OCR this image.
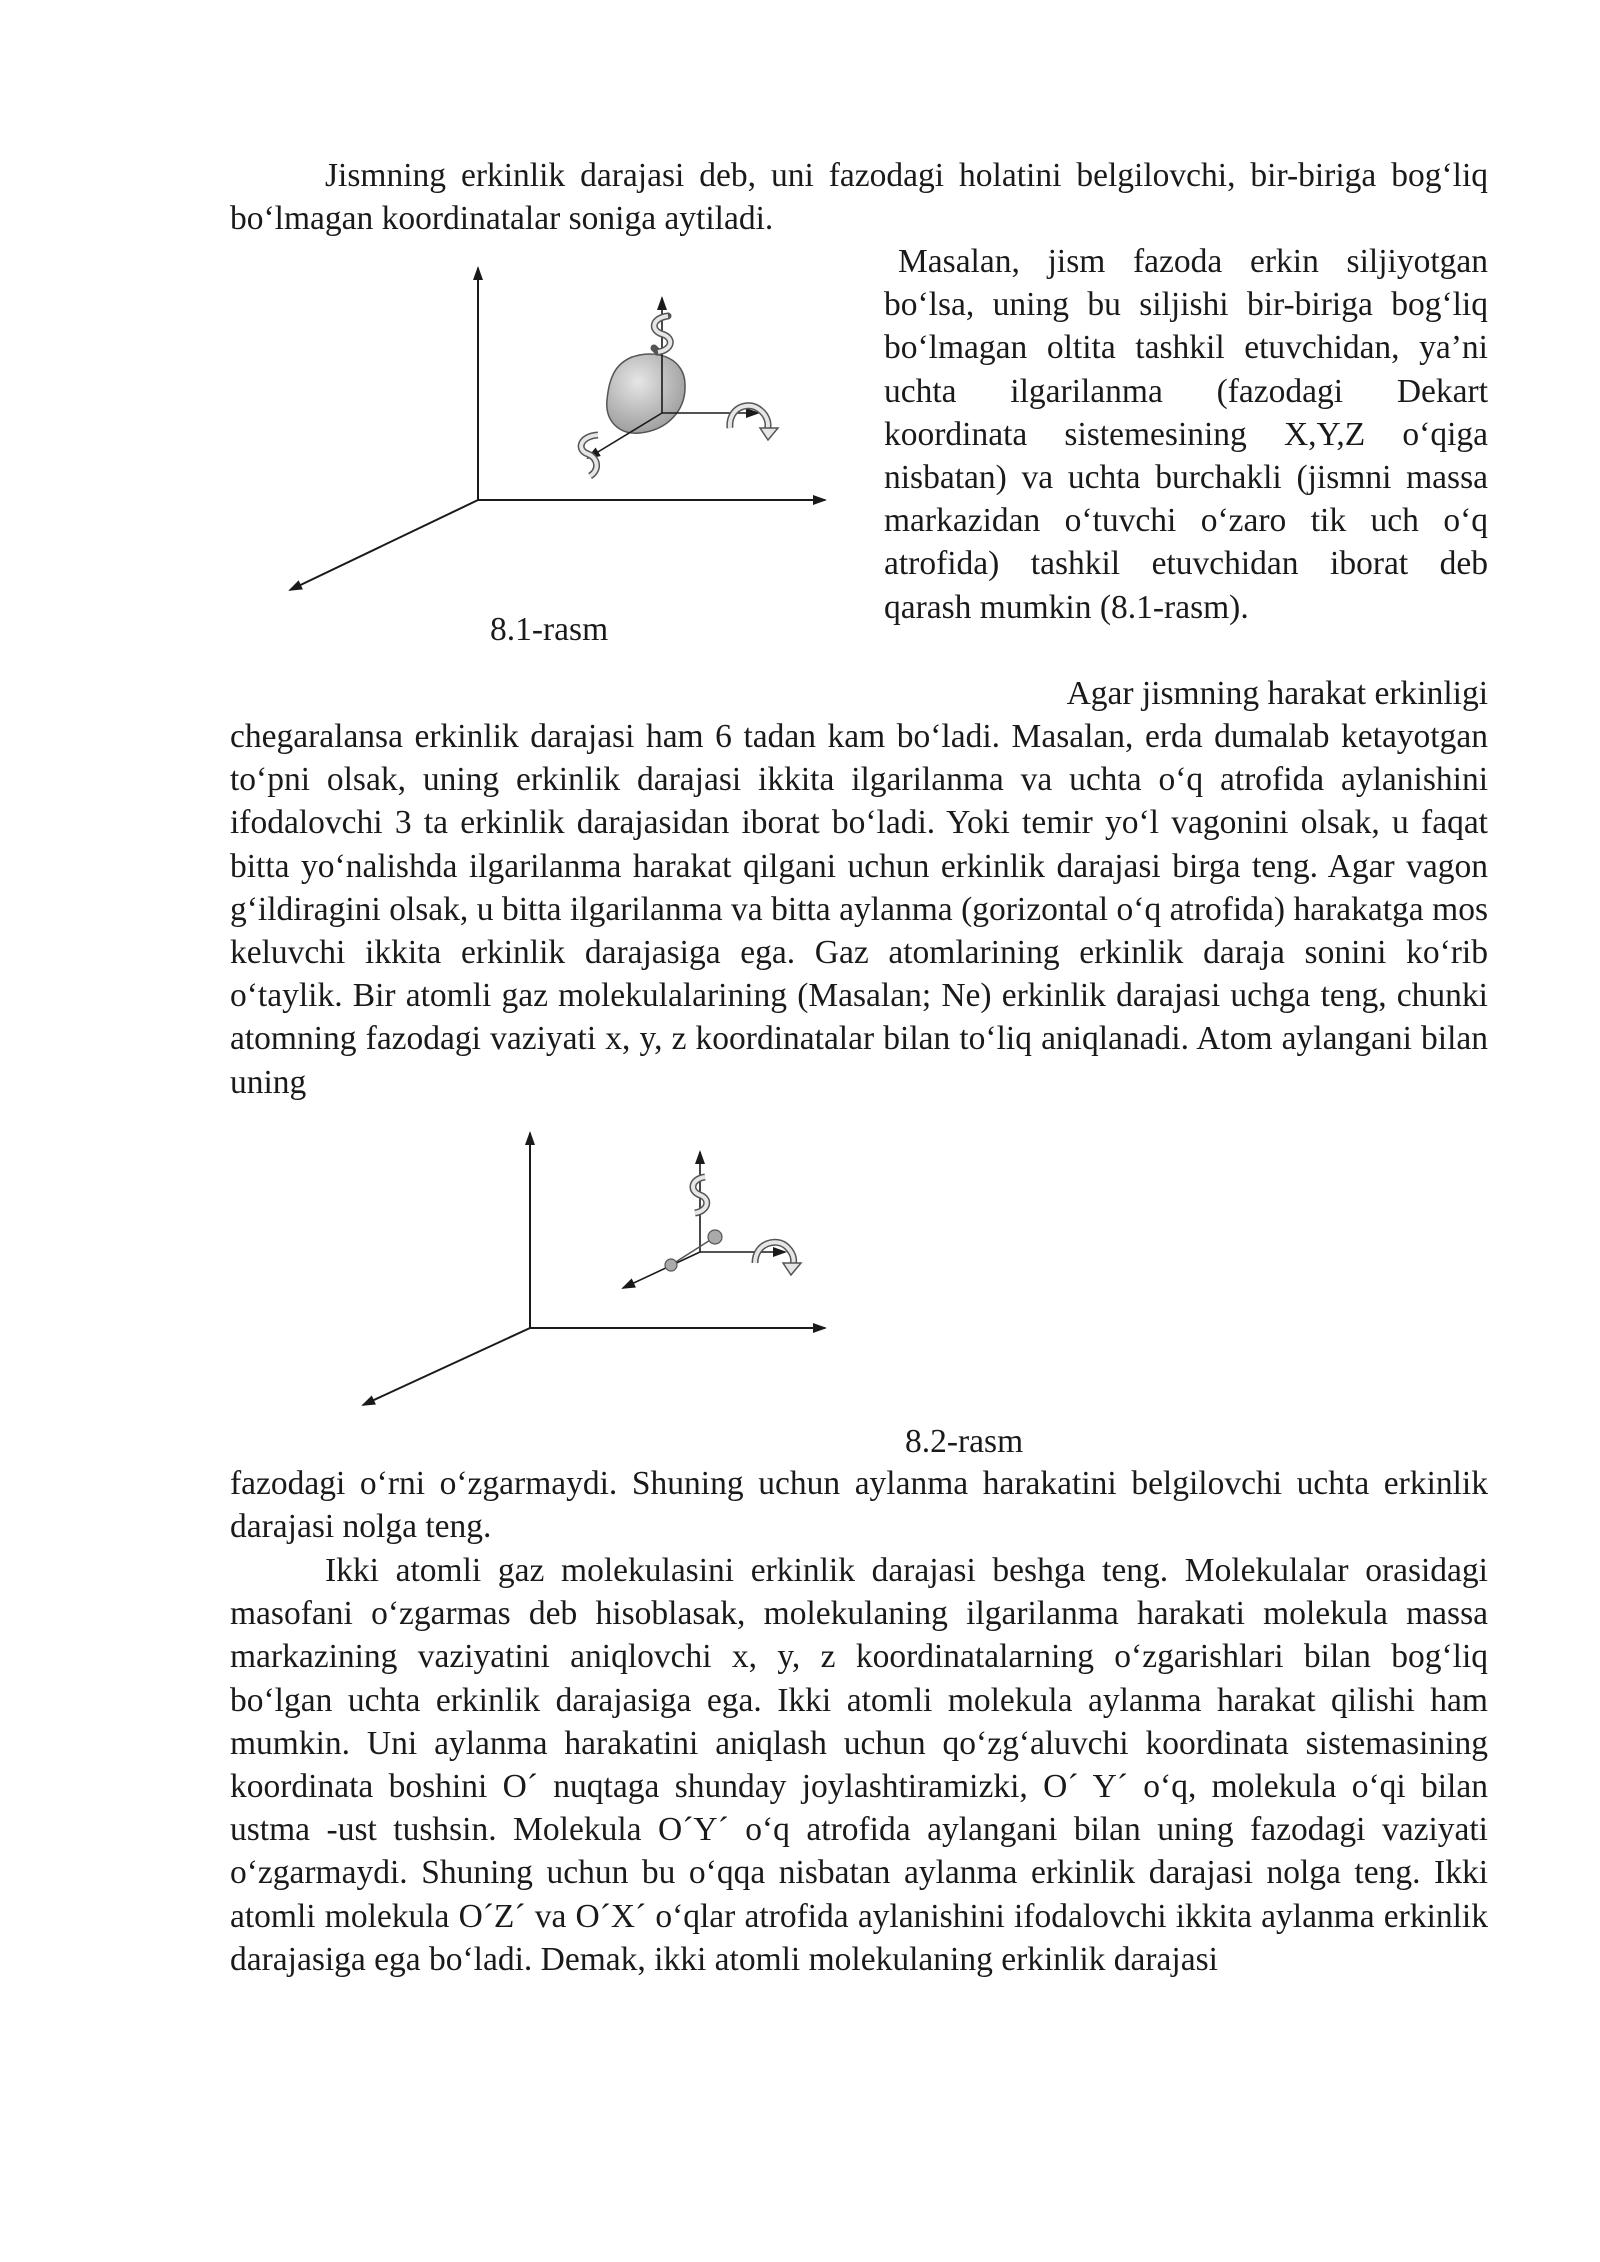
Jismning erkinlik darajasi deb, uni fazodagi holatini belgilovchi, bir-biriga bog‘liq bo‘lmagan koordinatalar soniga aytiladi.

8.1-rasm

Masalan, jism fazoda erkin siljiyotgan bo‘lsa, uning bu siljishi bir-biriga bog‘liq bo‘lmagan oltita tashkil etuvchidan, ya’ni uchta ilgarilanma (fazodagi Dekart koordinata sistemesining X,Y,Z o‘qiga nisbatan) va uchta burchakli (jismni massa markazidan o‘tuvchi o‘zaro tik uch o‘q atrofida) tashkil etuvchidan iborat deb qarash mumkin (8.1-rasm).

Agar jismning harakat erkinligi

chegaralansa erkinlik darajasi ham 6 tadan kam bo‘ladi. Masalan, erda dumalab ketayotgan to‘pni olsak, uning erkinlik darajasi ikkita ilgarilanma va uchta o‘q atrofida aylanishini ifodalovchi 3 ta erkinlik darajasidan iborat bo‘ladi. Yoki temir yo‘l vagonini olsak, u faqat bitta yo‘nalishda ilgarilanma harakat qilgani uchun erkinlik darajasi birga teng. Agar vagon g‘ildiragini olsak, u bitta ilgarilanma va bitta aylanma (gorizontal o‘q atrofida) harakatga mos keluvchi ikkita erkinlik darajasiga ega. Gaz atomlarining erkinlik daraja sonini ko‘rib o‘taylik. Bir atomli gaz molekulalarining (Masalan; Ne) erkinlik darajasi uchga teng, chunki atomning fazodagi vaziyati x, y, z koordinatalar bilan to‘liq aniqlanadi. Atom aylangani bilan uning

8.2-rasm

fazodagi o‘rni o‘zgarmaydi. Shuning uchun aylanma harakatini belgilovchi uchta erkinlik darajasi nolga teng.

Ikki atomli gaz molekulasini erkinlik darajasi beshga teng. Molekulalar orasidagi masofani o‘zgarmas deb hisoblasak, molekulaning ilgarilanma harakati molekula massa markazining vaziyatini aniqlovchi x, y, z koordinatalarning o‘zgarishlari bilan bog‘liq bo‘lgan uchta erkinlik darajasiga ega. Ikki atomli molekula aylanma harakat qilishi ham mumkin. Uni aylanma harakatini aniqlash uchun qo‘zg‘aluvchi koordinata sistemasining koordinata boshini O´ nuqtaga shunday joylashtiramizki, O´ Y´ o‘q, molekula o‘qi bilan ustma -ust tushsin. Molekula O´Y´ o‘q atrofida aylangani bilan uning fazodagi vaziyati o‘zgarmaydi. Shuning uchun bu o‘qqa nisbatan aylanma erkinlik darajasi nolga teng. Ikki atomli molekula O´Z´ va O´X´ o‘qlar atrofida aylanishini ifodalovchi ikkita aylanma erkinlik darajasiga ega bo‘ladi. Demak, ikki atomli molekulaning erkinlik darajasi
